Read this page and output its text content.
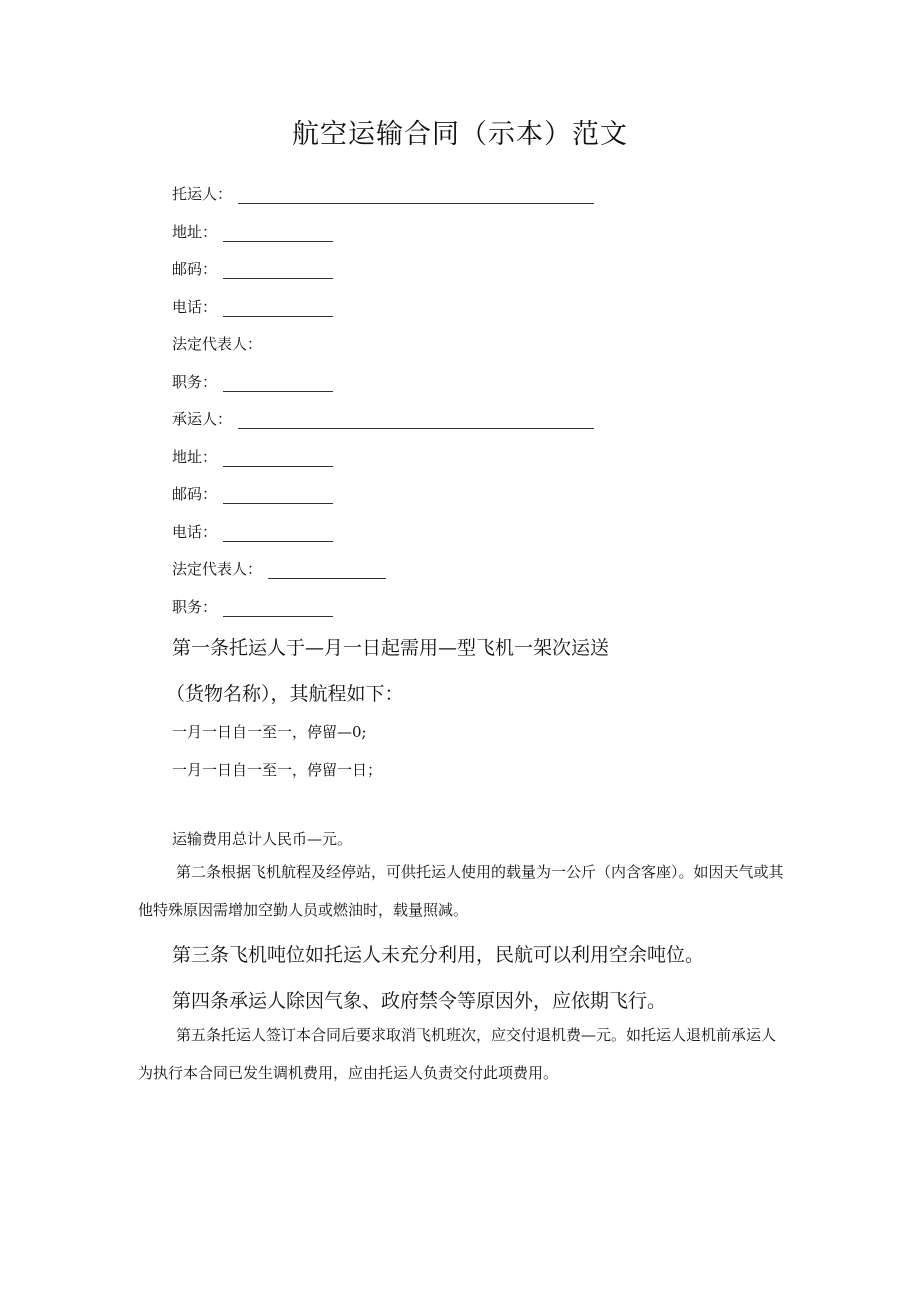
航空运输合同（示本）范文
托运人：
地址：
邮码：
电话：
法定代表人：
职务：
承运人：
地址：
邮码：
电话：
法定代表人：
职务：

第一条托运人于—月一日起需用—型飞机一架次运送

（货物名称），其航程如下：

一月一日自一至一，停留—0;

一月一日自一至一，停留一日；

运输费用总计人民币—元。

第二条根据飞机航程及经停站，可供托运人使用的载量为一公斤（内含客座）。如因天气或其他特殊原因需增加空勤人员或燃油时，载量照减。

第三条飞机吨位如托运人未充分利用，民航可以利用空余吨位。

第四条承运人除因气象、政府禁令等原因外，应依期飞行。

第五条托运人签订本合同后要求取消飞机班次，应交付退机费—元。如托运人退机前承运人为执行本合同已发生调机费用，应由托运人负责交付此项费用。
